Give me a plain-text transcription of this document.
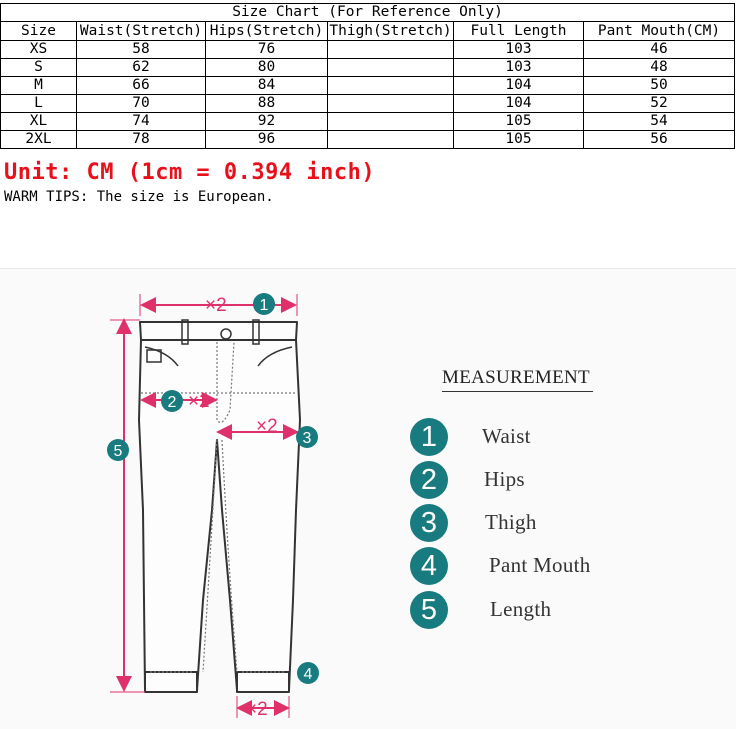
Size Chart (For Reference Only)					
Size	Waist(Stretch)	Hips(Stretch)	Thigh(Stretch)	Full Length	Pant Mouth(CM)
XS	58	76		103	46
S	62	80		103	48
M	66	84		104	50
L	70	88		104	52
XL	74	92		105	54
2XL	78	96		105	56
Unit: CM (1cm = 0.394 inch)
WARM TIPS: The size is European.
×2
×2
×2
×2
1
2
3
4
5
MEASUREMENT
1	Waist
2	Hips
3	Thigh
4	Pant Mouth
5	Length
